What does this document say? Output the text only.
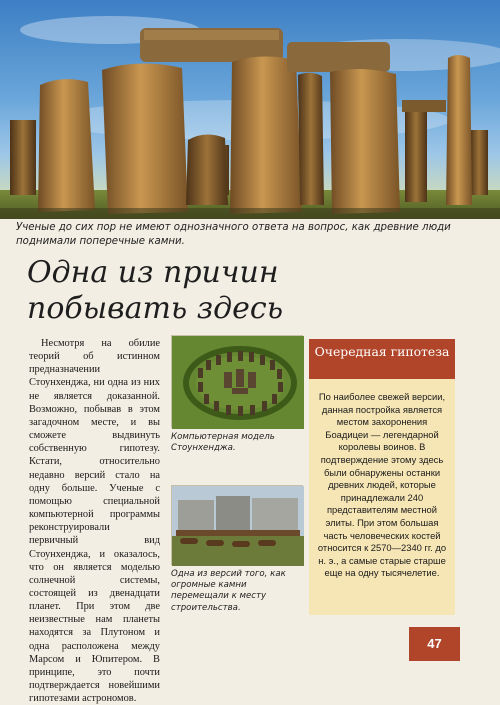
Ученые до сих пор не имеют однозначного ответа на вопрос, как древние люди поднимали поперечные камни.
Одна из причин побывать здесь
Несмотря на обилие теорий об истинном предназначении Стоунхенджа, ни одна из них не является доказанной. Возможно, побывав в этом загадочном месте, и вы сможете выдвинуть собственную гипотезу. Кстати, относительно недавно версий стало на одну больше. Ученые с помощью специальной компьютерной программы реконструировали первичный вид Стоунхенджа, и оказалось, что он является моделью солнечной системы, состоящей из двенадцати планет. При этом две неизвестные нам планеты находятся за Плутоном и одна расположена между Марсом и Юпитером. В принципе, это почти подтверждается новейшими гипотезами астрономов.
Компьютерная модель Стоунхенджа.
Одна из версий того, как огромные камни перемещали к месту строительства.
Очередная гипотеза
По наиболее свежей версии, данная постройка является местом захоронения Боадицеи — легендарной королевы воинов. В подтверждение этому здесь были обнаружены останки древних людей, которые принадлежали 240 представителям местной элиты. При этом большая часть человеческих костей относится к 2570—2340 гг. до н. э., а самые старые старше еще на одну тысячелетие.
47
